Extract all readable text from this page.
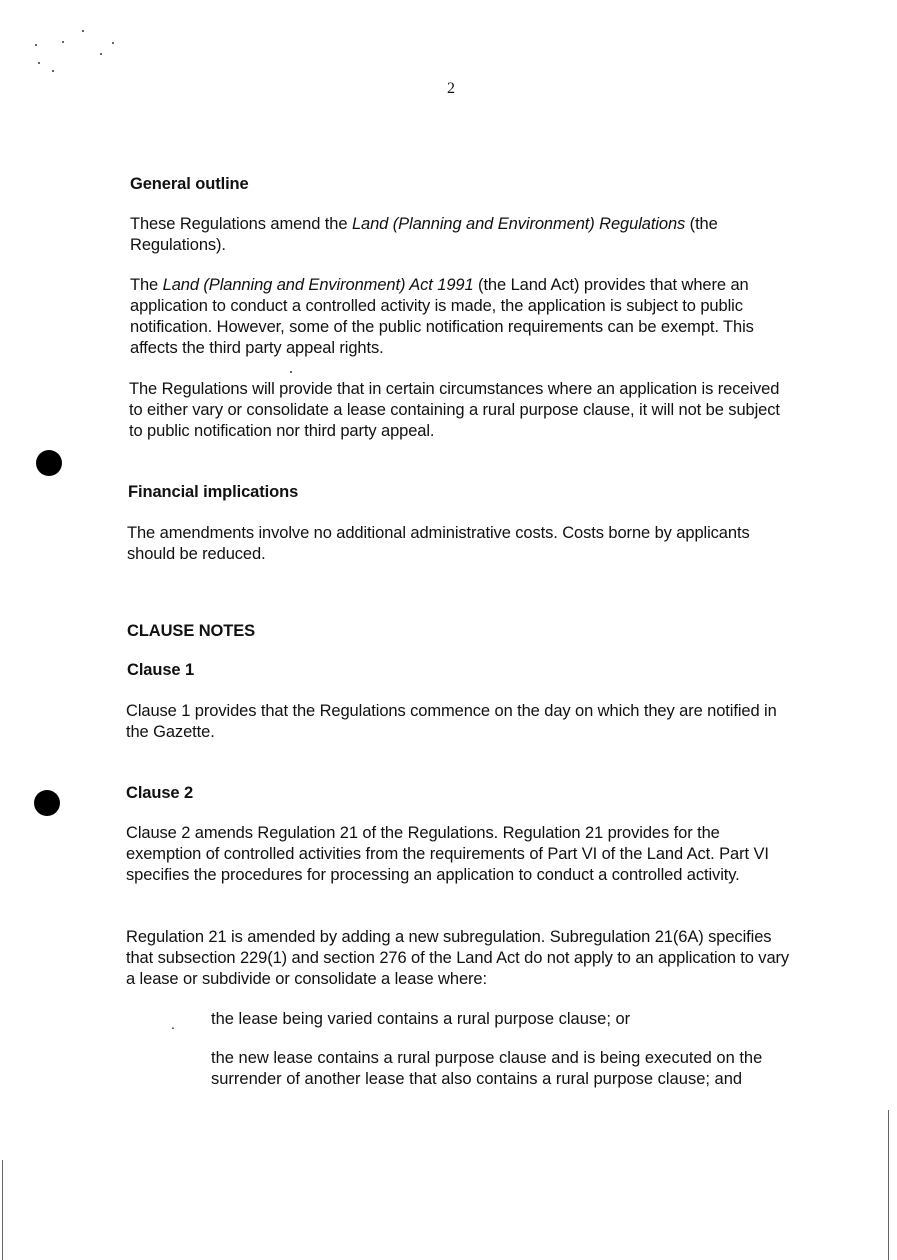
2
General outline

These Regulations amend the Land (Planning and Environment) Regulations (the Regulations).

The Land (Planning and Environment) Act 1991 (the Land Act) provides that where an application to conduct a controlled activity is made, the application is subject to public notification. However, some of the public notification requirements can be exempt. This affects the third party appeal rights.

The Regulations will provide that in certain circumstances where an application is received to either vary or consolidate a lease containing a rural purpose clause, it will not be subject to public notification nor third party appeal.

Financial implications

The amendments involve no additional administrative costs. Costs borne by applicants should be reduced.

CLAUSE NOTES
Clause 1

Clause 1 provides that the Regulations commence on the day on which they are notified in the Gazette.

Clause 2

Clause 2 amends Regulation 21 of the Regulations. Regulation 21 provides for the exemption of controlled activities from the requirements of Part VI of the Land Act. Part VI specifies the procedures for processing an application to conduct a controlled activity.

Regulation 21 is amended by adding a new subregulation. Subregulation 21(6A) specifies that subsection 229(1) and section 276 of the Land Act do not apply to an application to vary a lease or subdivide or consolidate a lease where:

. the lease being varied contains a rural purpose clause; or

the new lease contains a rural purpose clause and is being executed on the surrender of another lease that also contains a rural purpose clause; and
